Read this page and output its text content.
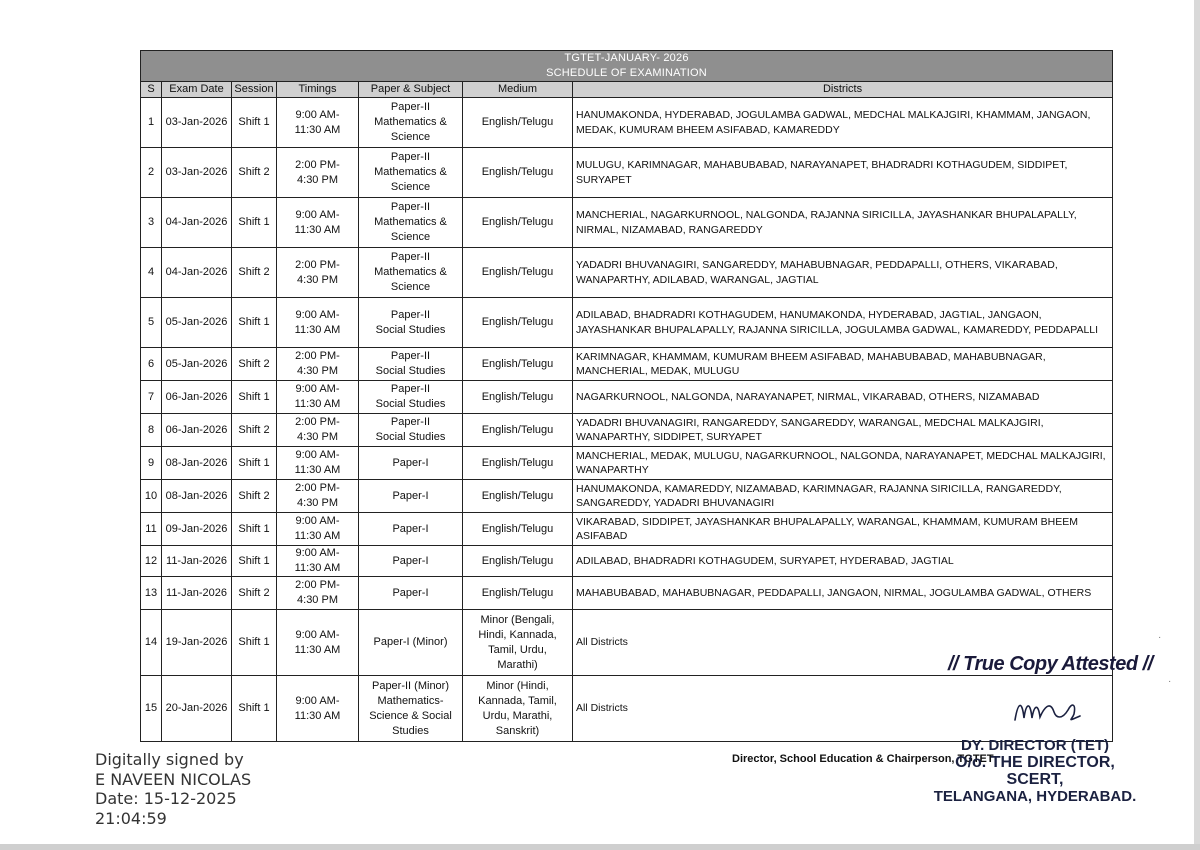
TGTET-JANUARY- 2026
SCHEDULE OF EXAMINATION						

S	Exam Date	Session	Timings	Paper & Subject	Medium	Districts
1	03-Jan-2026	Shift 1	9:00 AM-
11:30 AM	Paper-II
Mathematics &
Science	English/Telugu	HANUMAKONDA, HYDERABAD, JOGULAMBA GADWAL, MEDCHAL MALKAJGIRI, KHAMMAM, JANGAON, MEDAK, KUMURAM BHEEM ASIFABAD, KAMAREDDY
2	03-Jan-2026	Shift 2	2:00 PM-
4:30 PM	Paper-II
Mathematics &
Science	English/Telugu	MULUGU, KARIMNAGAR, MAHABUBABAD, NARAYANAPET, BHADRADRI KOTHAGUDEM, SIDDIPET, SURYAPET
3	04-Jan-2026	Shift 1	9:00 AM-
11:30 AM	Paper-II
Mathematics &
Science	English/Telugu	MANCHERIAL, NAGARKURNOOL, NALGONDA, RAJANNA SIRICILLA, JAYASHANKAR BHUPALAPALLY, NIRMAL, NIZAMABAD, RANGAREDDY
4	04-Jan-2026	Shift 2	2:00 PM-
4:30 PM	Paper-II
Mathematics &
Science	English/Telugu	YADADRI BHUVANAGIRI, SANGAREDDY, MAHABUBNAGAR, PEDDAPALLI, OTHERS, VIKARABAD, WANAPARTHY, ADILABAD, WARANGAL, JAGTIAL
5	05-Jan-2026	Shift 1	9:00 AM-
11:30 AM	Paper-II
Social Studies	English/Telugu	ADILABAD, BHADRADRI KOTHAGUDEM, HANUMAKONDA, HYDERABAD, JAGTIAL, JANGAON, JAYASHANKAR BHUPALAPALLY, RAJANNA SIRICILLA, JOGULAMBA GADWAL, KAMAREDDY, PEDDAPALLI
6	05-Jan-2026	Shift 2	2:00 PM-
4:30 PM	Paper-II
Social Studies	English/Telugu	KARIMNAGAR, KHAMMAM, KUMURAM BHEEM ASIFABAD, MAHABUBABAD, MAHABUBNAGAR, MANCHERIAL, MEDAK, MULUGU
7	06-Jan-2026	Shift 1	9:00 AM-
11:30 AM	Paper-II
Social Studies	English/Telugu	NAGARKURNOOL, NALGONDA, NARAYANAPET, NIRMAL, VIKARABAD, OTHERS, NIZAMABAD
8	06-Jan-2026	Shift 2	2:00 PM-
4:30 PM	Paper-II
Social Studies	English/Telugu	YADADRI BHUVANAGIRI, RANGAREDDY, SANGAREDDY, WARANGAL, MEDCHAL MALKAJGIRI, WANAPARTHY, SIDDIPET, SURYAPET
9	08-Jan-2026	Shift 1	9:00 AM-
11:30 AM	Paper-I	English/Telugu	MANCHERIAL, MEDAK, MULUGU, NAGARKURNOOL, NALGONDA, NARAYANAPET, MEDCHAL MALKAJGIRI, WANAPARTHY
10	08-Jan-2026	Shift 2	2:00 PM-
4:30 PM	Paper-I	English/Telugu	HANUMAKONDA, KAMAREDDY, NIZAMABAD, KARIMNAGAR, RAJANNA SIRICILLA, RANGAREDDY, SANGAREDDY, YADADRI BHUVANAGIRI
11	09-Jan-2026	Shift 1	9:00 AM-
11:30 AM	Paper-I	English/Telugu	VIKARABAD, SIDDIPET, JAYASHANKAR BHUPALAPALLY, WARANGAL, KHAMMAM, KUMURAM BHEEM ASIFABAD
12	11-Jan-2026	Shift 1	9:00 AM-
11:30 AM	Paper-I	English/Telugu	ADILABAD, BHADRADRI KOTHAGUDEM, SURYAPET, HYDERABAD, JAGTIAL
13	11-Jan-2026	Shift 2	2:00 PM-
4:30 PM	Paper-I	English/Telugu	MAHABUBABAD, MAHABUBNAGAR, PEDDAPALLI, JANGAON, NIRMAL, JOGULAMBA GADWAL, OTHERS
14	19-Jan-2026	Shift 1	9:00 AM-
11:30 AM	Paper-I (Minor)	Minor (Bengali,
Hindi, Kannada,
Tamil, Urdu,
Marathi)	All Districts
15	20-Jan-2026	Shift 1	9:00 AM-
11:30 AM	Paper-II (Minor)
Mathematics-
Science & Social
Studies	Minor (Hindi,
Kannada, Tamil,
Urdu, Marathi,
Sanskrit)	All Districts
Digitally signed by
E NAVEEN NICOLAS
Date: 15-12-2025
21:04:59
Director, School Education & Chairperson, TGTET
// True Copy Attested //
DY. DIRECTOR (TET)
O/o. THE DIRECTOR, SCERT,
TELANGANA, HYDERABAD.
·
·
